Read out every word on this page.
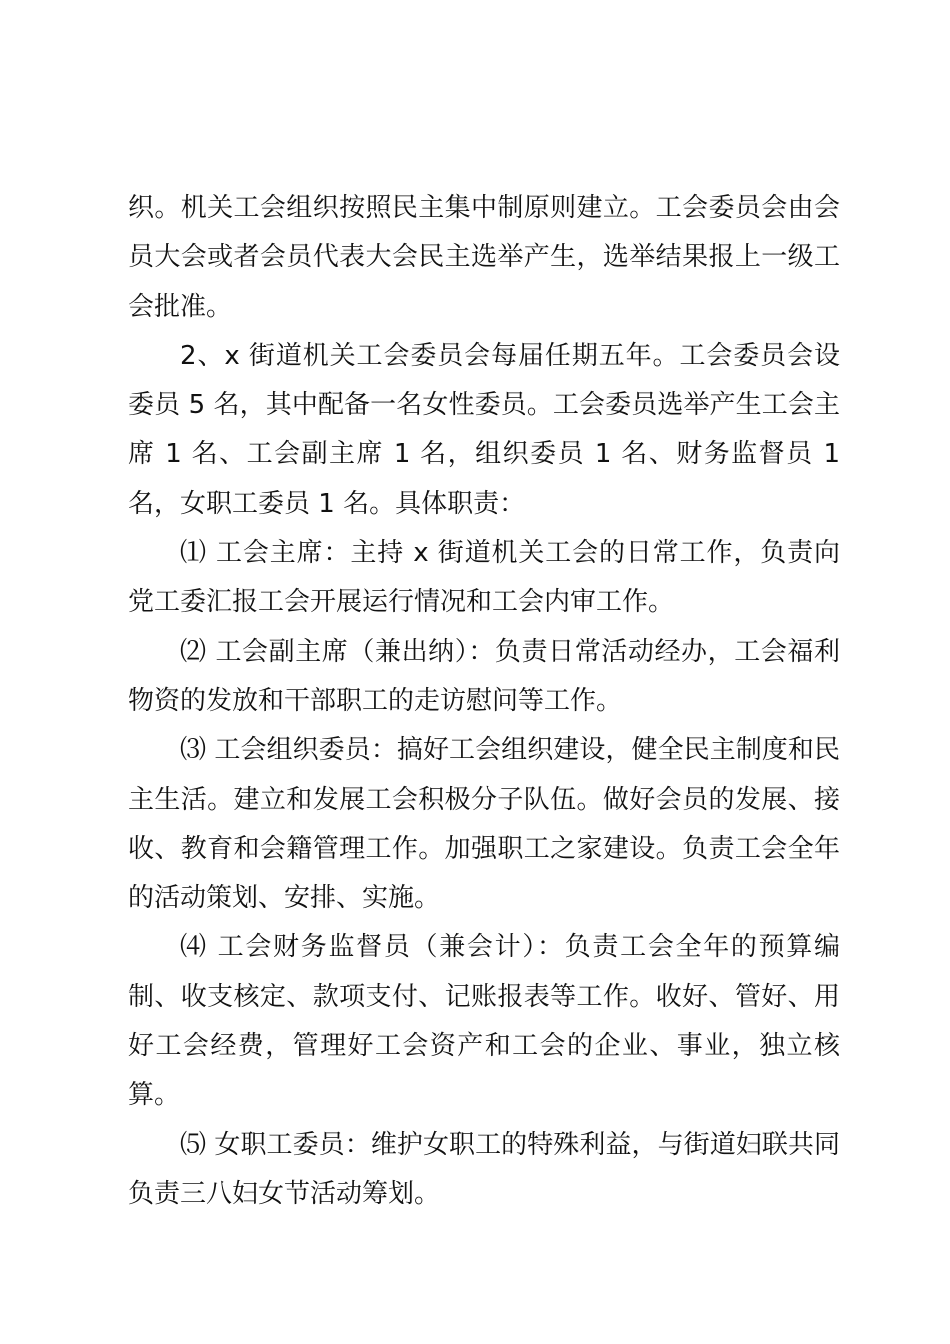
织。机关工会组织按照民主集中制原则建立。工会委员会由会员大会或者会员代表大会民主选举产生，选举结果报上一级工会批准。

2、x 街道机关工会委员会每届任期五年。工会委员会设委员 5 名，其中配备一名女性委员。工会委员选举产生工会主席 1 名、工会副主席 1 名，组织委员 1 名、财务监督员 1 名，女职工委员 1 名。具体职责：

⑴ 工会主席：主持 x 街道机关工会的日常工作，负责向党工委汇报工会开展运行情况和工会内审工作。

⑵ 工会副主席（兼出纳）：负责日常活动经办，工会福利物资的发放和干部职工的走访慰问等工作。

⑶ 工会组织委员：搞好工会组织建设，健全民主制度和民主生活。建立和发展工会积极分子队伍。做好会员的发展、接收、教育和会籍管理工作。加强职工之家建设。负责工会全年的活动策划、安排、实施。

⑷ 工会财务监督员（兼会计）：负责工会全年的预算编制、收支核定、款项支付、记账报表等工作。收好、管好、用好工会经费，管理好工会资产和工会的企业、事业，独立核算。

⑸ 女职工委员：维护女职工的特殊利益，与街道妇联共同负责三八妇女节活动筹划。
